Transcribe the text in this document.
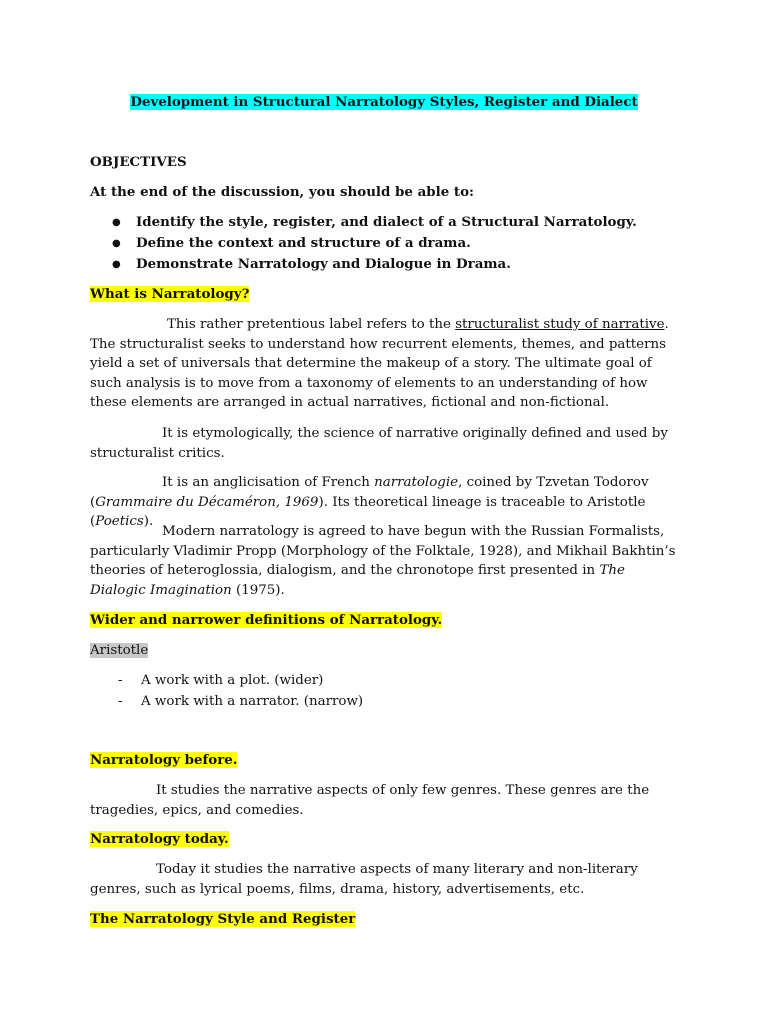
Development in Structural Narratology Styles, Register and Dialect

OBJECTIVES

At the end of the discussion, you should be able to:

● Identify the style, register, and dialect of a Structural Narratology.
● Define the context and structure of a drama.
● Demonstrate Narratology and Dialogue in Drama.

What is Narratology?

This rather pretentious label refers to the structuralist study of narrative. The structuralist seeks to understand how recurrent elements, themes, and patterns yield a set of universals that determine the makeup of a story. The ultimate goal of such analysis is to move from a taxonomy of elements to an understanding of how these elements are arranged in actual narratives, fictional and non-fictional.

It is etymologically, the science of narrative originally defined and used by structuralist critics.

It is an anglicisation of French narratologie, coined by Tzvetan Todorov (Grammaire du Décaméron, 1969). Its theoretical lineage is traceable to Aristotle (Poetics).

Modern narratology is agreed to have begun with the Russian Formalists, particularly Vladimir Propp (Morphology of the Folktale, 1928), and Mikhail Bakhtin’s theories of heteroglossia, dialogism, and the chronotope first presented in The Dialogic Imagination (1975).

Wider and narrower definitions of Narratology.

Aristotle

- A work with a plot. (wider)
- A work with a narrator. (narrow)

Narratology before.

It studies the narrative aspects of only few genres. These genres are the tragedies, epics, and comedies.

Narratology today.

Today it studies the narrative aspects of many literary and non-literary genres, such as lyrical poems, films, drama, history, advertisements, etc.

The Narratology Style and Register
